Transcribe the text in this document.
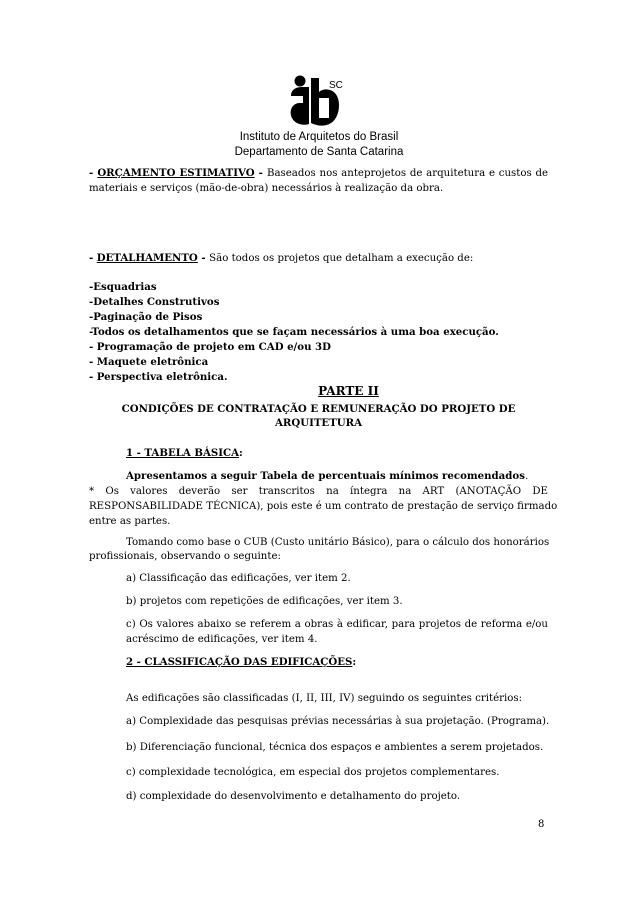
SC
Instituto de Arquitetos do Brasil
Departamento de Santa Catarina
- ORÇAMENTO ESTIMATIVO - Baseados nos anteprojetos de arquitetura e custos de
materiais e serviços (mão-de-obra) necessários à realização da obra.
- DETALHAMENTO - São todos os projetos que detalham a execução de:
-Esquadrias
-Detalhes Construtivos
-Paginação de Pisos
-Todos os detalhamentos que se façam necessários à uma boa execução.
- Programação de projeto em CAD e/ou 3D
- Maquete eletrônica
- Perspectiva eletrônica.
PARTE II
CONDIÇÕES DE CONTRATAÇÃO E REMUNERAÇÃO DO PROJETO DE
ARQUITETURA
1 - TABELA BÁSICA:
Apresentamos a seguir Tabela de percentuais mínimos recomendados.
* Os valores deverão ser transcritos na íntegra na ART (ANOTAÇÃO DE
RESPONSABILIDADE TÉCNICA), pois este é um contrato de prestação de serviço firmado
entre as partes.
Tomando como base o CUB (Custo unitário Básico), para o cálculo dos honorários
profissionais, observando o seguinte:
a) Classificação das edificações, ver item 2.
b) projetos com repetições de edificações, ver item 3.
c) Os valores abaixo se referem a obras à edificar, para projetos de reforma e/ou
acréscimo de edificações, ver item 4.
2 - CLASSIFICAÇÃO DAS EDIFICAÇÕES:
As edificações são classificadas (I, II, III, IV) seguindo os seguintes critérios:
a) Complexidade das pesquisas prévias necessárias à sua projetação. (Programa).
b) Diferenciação funcional, técnica dos espaços e ambientes a serem projetados.
c) complexidade tecnológica, em especial dos projetos complementares.
d) complexidade do desenvolvimento e detalhamento do projeto.
8
